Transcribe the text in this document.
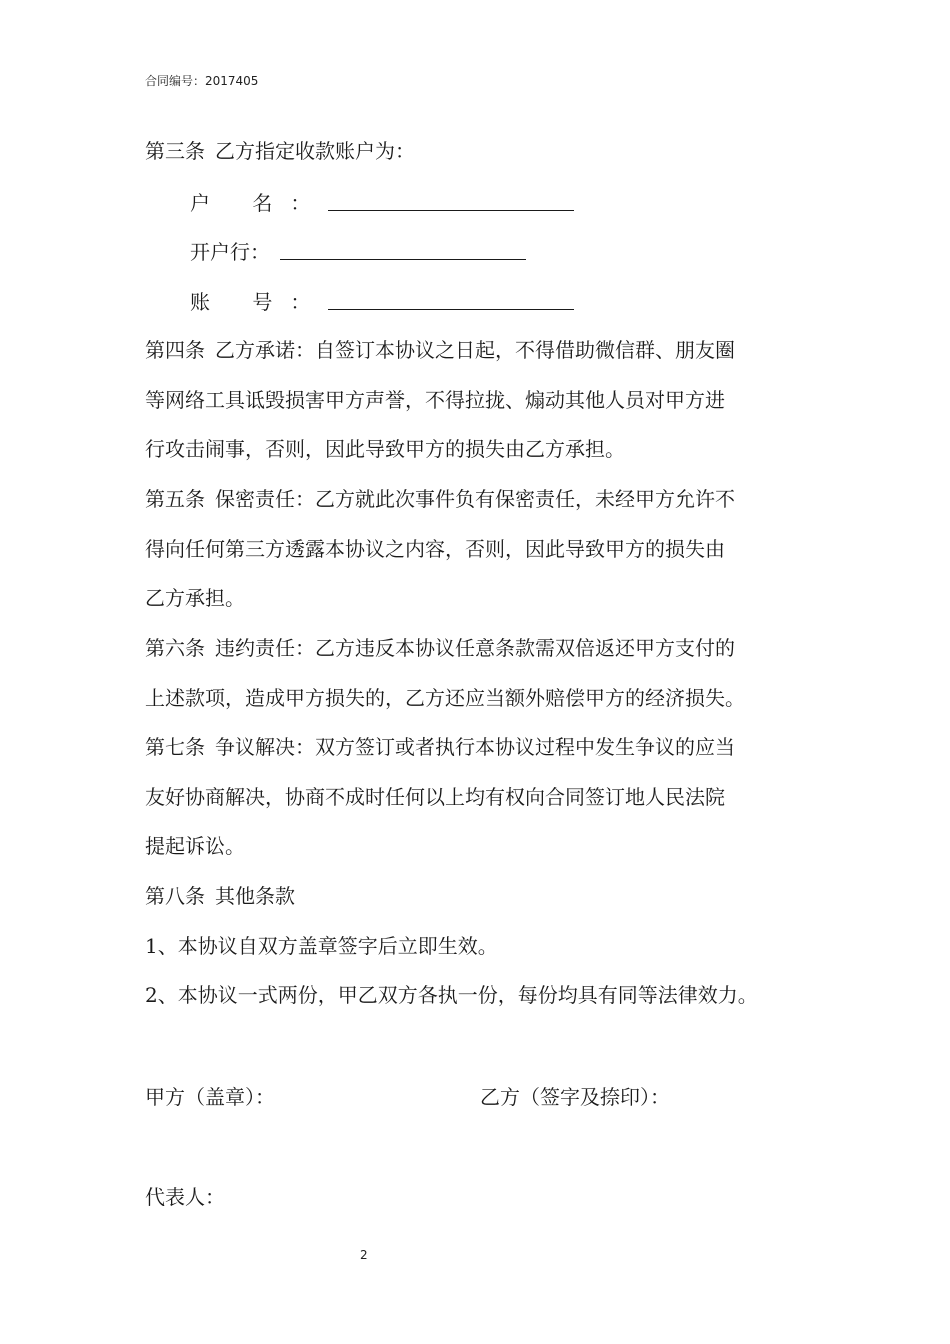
合同编号：2017405
第三条 乙方指定收款账户为：
户 名：
开户行：
账 号：
第四条 乙方承诺：自签订本协议之日起，不得借助微信群、朋友圈
等网络工具诋毁损害甲方声誉，不得拉拢、煽动其他人员对甲方进
行攻击闹事，否则，因此导致甲方的损失由乙方承担。
第五条 保密责任：乙方就此次事件负有保密责任，未经甲方允许不
得向任何第三方透露本协议之内容，否则，因此导致甲方的损失由
乙方承担。
第六条 违约责任：乙方违反本协议任意条款需双倍返还甲方支付的
上述款项，造成甲方损失的，乙方还应当额外赔偿甲方的经济损失。
第七条 争议解决：双方签订或者执行本协议过程中发生争议的应当
友好协商解决，协商不成时任何以上均有权向合同签订地人民法院
提起诉讼。
第八条 其他条款
1、本协议自双方盖章签字后立即生效。
2、本协议一式两份，甲乙双方各执一份，每份均具有同等法律效力。
甲方（盖章）：	乙方（签字及捺印）：
代表人：
2
